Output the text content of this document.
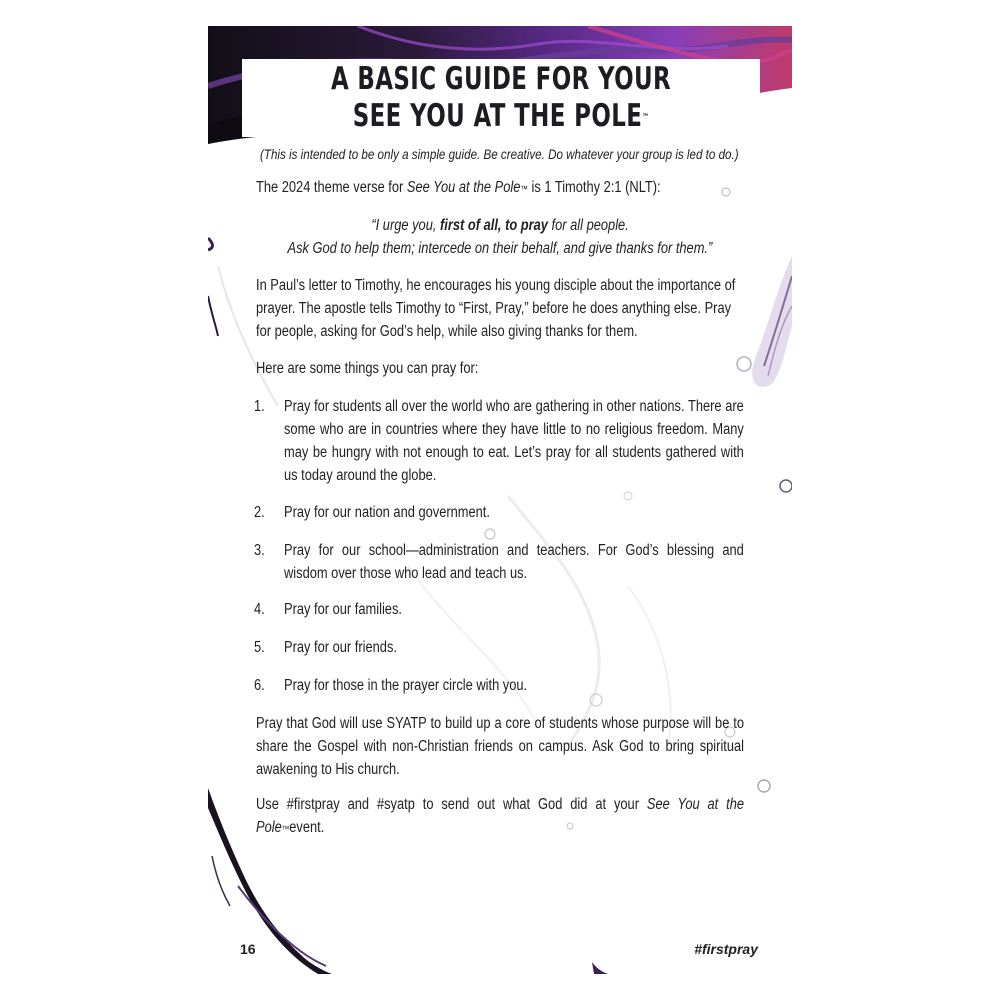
A BASIC GUIDE FOR YOUR
SEE YOU AT THE POLE™

(This is intended to be only a simple guide. Be creative. Do whatever your group is led to do.)

The 2024 theme verse for See You at the Pole™ is 1 Timothy 2:1 (NLT):

“I urge you, first of all, to pray for all people.
Ask God to help them; intercede on their behalf, and give thanks for them.”

In Paul’s letter to Timothy, he encourages his young disciple about the importance of prayer. The apostle tells Timothy to “First, Pray,” before he does anything else. Pray for people, asking for God’s help, while also giving thanks for them.

Here are some things you can pray for:

1. Pray for students all over the world who are gathering in other nations. There are some who are in countries where they have little to no religious freedom. Many may be hungry with not enough to eat. Let’s pray for all students gathered with us today around the globe.
2. Pray for our nation and government.
3. Pray for our school—administration and teachers. For God’s blessing and wisdom over those who lead and teach us.
4. Pray for our families.
5. Pray for our friends.
6. Pray for those in the prayer circle with you.

Pray that God will use SYATP to build up a core of students whose purpose will be to share the Gospel with non-Christian friends on campus. Ask God to bring spiritual awakening to His church.

Use #firstpray and #syatp to send out what God did at your See You at the Pole™event.

16	#firstpray
